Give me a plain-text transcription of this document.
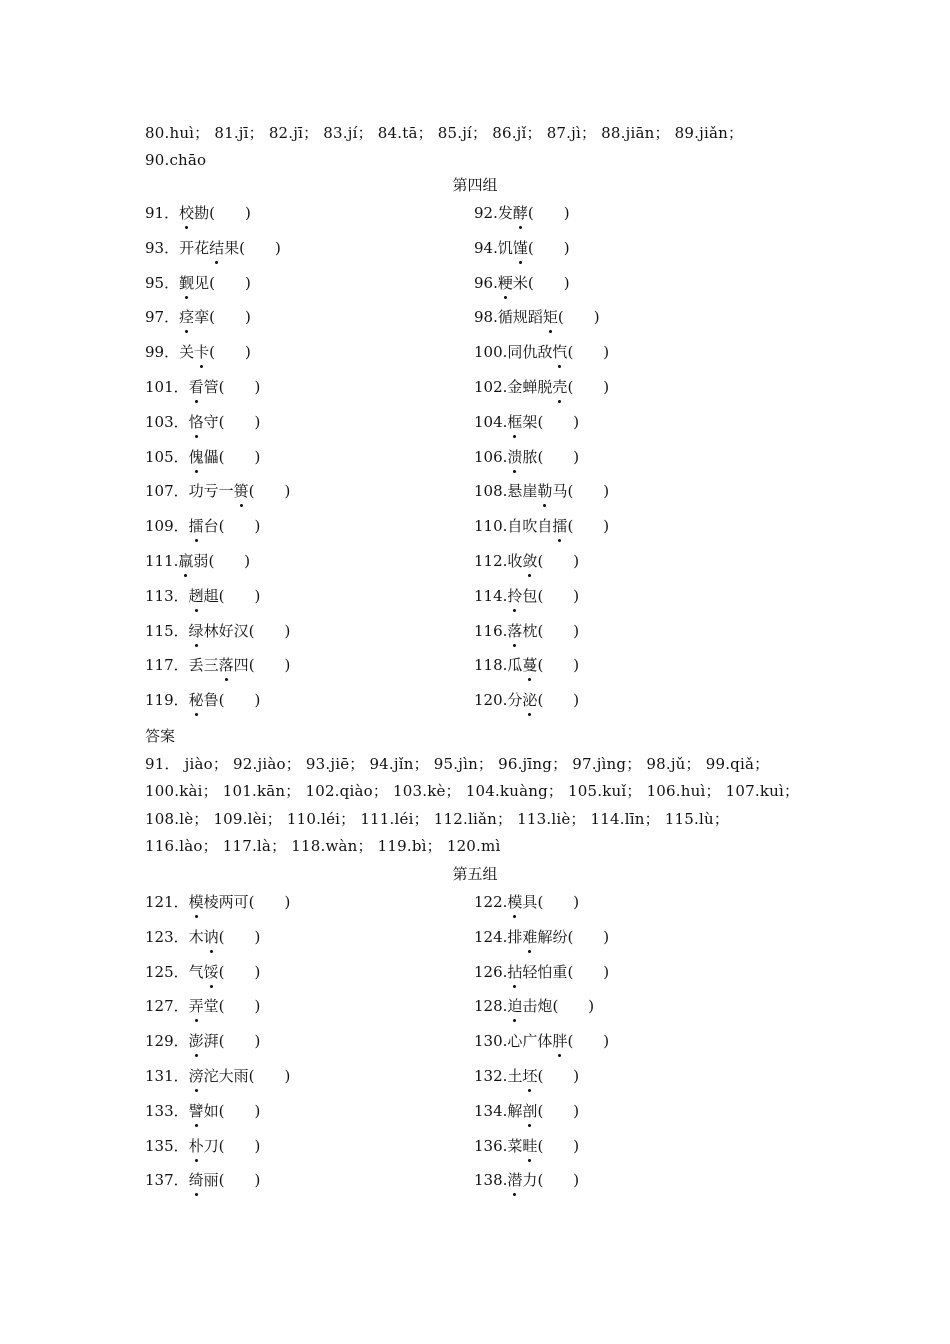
80.huì； 81.jī； 82.jī； 83.jí； 84.tā； 85.jí； 86.jǐ； 87.jì； 88.jiān； 89.jiǎn；
90.chāo
第四组
91．校勘(　　)	92.发酵(　　)
93．开花结果(　　)	94.饥馑(　　)
95．觐见(　　)	96.粳米(　　)
97．痉挛(　　)	98.循规蹈矩(　　)
99．关卡(　　)	100.同仇敌忾(　　)
101．看管(　　)	102.金蝉脱壳(　　)
103．恪守(　　)	104.框架(　　)
105．傀儡(　　)	106.溃脓(　　)
107．功亏一篑(　　)	108.悬崖勒马(　　)
109．擂台(　　)	110.自吹自擂(　　)
111.羸弱(　　)	112.收敛(　　)
113．趔趄(　　)	114.拎包(　　)
115．绿林好汉(　　)	116.落枕(　　)
117．丢三落四(　　)	118.瓜蔓(　　)
119．秘鲁(　　)	120.分泌(　　)
答案
91． jiào； 92.jiào； 93.jiē； 94.jǐn； 95.jìn； 96.jīng； 97.jìng； 98.jǔ； 99.qiǎ；
100.kài； 101.kān； 102.qiào； 103.kè； 104.kuàng； 105.kuǐ； 106.huì； 107.kuì；
108.lè； 109.lèi； 110.léi； 111.léi； 112.liǎn； 113.liè； 114.līn； 115.lù；
116.lào； 117.là； 118.wàn； 119.bì； 120.mì
第五组
121．模棱两可(　　)	122.模具(　　)
123．木讷(　　)	124.排难解纷(　　)
125．气馁(　　)	126.拈轻怕重(　　)
127．弄堂(　　)	128.迫击炮(　　)
129．澎湃(　　)	130.心广体胖(　　)
131．滂沱大雨(　　)	132.土坯(　　)
133．譬如(　　)	134.解剖(　　)
135．朴刀(　　)	136.菜畦(　　)
137．绮丽(　　)	138.潜力(　　)
